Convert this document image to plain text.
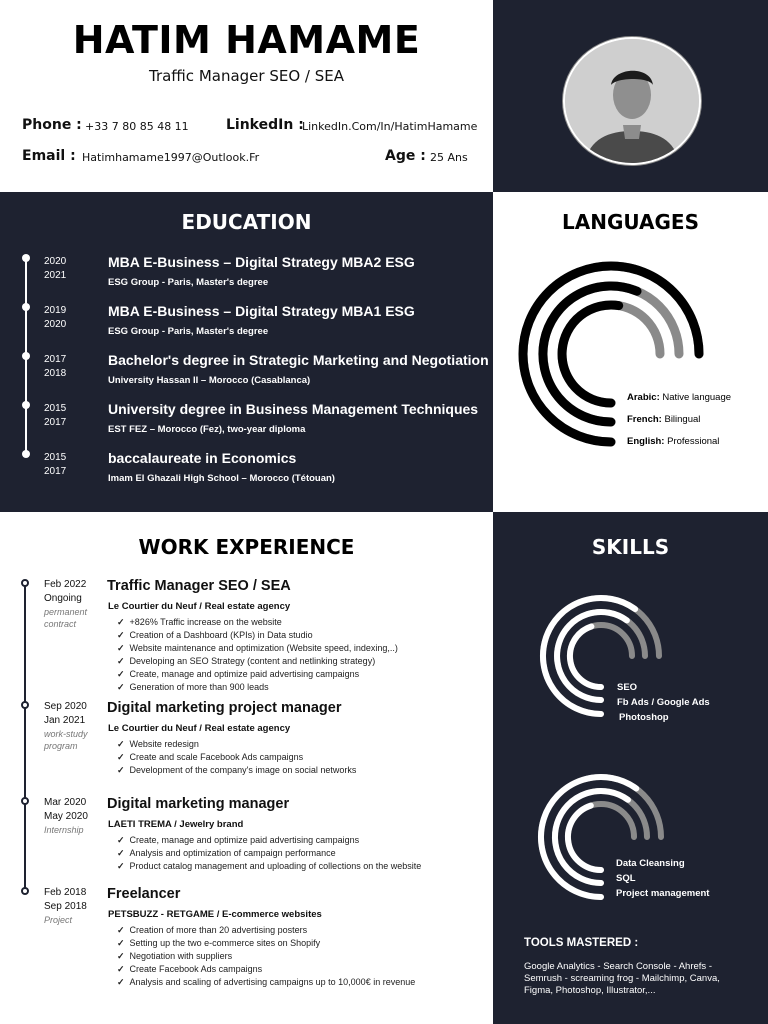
HATIM HAMAME
Traffic Manager SEO / SEA
Phone : +33 7 80 85 48 11	LinkedIn :
LinkedIn.Com/In/HatimHamame
Email : Hatimhamame1997@Outlook.Fr	Age : 25 Ans
EDUCATION
2020
2021
MBA E-Business – Digital Strategy MBA2 ESG
ESG Group - Paris, Master's degree
2019
2020
MBA E-Business – Digital Strategy MBA1 ESG
ESG Group - Paris, Master's degree
2017
2018
Bachelor's degree in Strategic Marketing and Negotiation
University Hassan II – Morocco (Casablanca)
2015
2017
University degree in Business Management Techniques
EST FEZ – Morocco (Fez), two-year diploma
2015
2017
baccalaureate in Economics
Imam El Ghazali High School – Morocco (Tétouan)
LANGUAGES
Arabic: Native language
French: Bilingual
English: Professional
WORK EXPERIENCE
Feb 2022
Ongoing
permanent contract
Traffic Manager SEO / SEA
Le Courtier du Neuf / Real estate agency
✓ +826% Traffic increase on the website
✓ Creation of a Dashboard (KPIs) in Data studio
✓ Website maintenance and optimization (Website speed, indexing,..)
✓ Developing an SEO Strategy (content and netlinking strategy)
✓ Create, manage and optimize paid advertising campaigns
✓ Generation of more than 900 leads
Sep 2020
Jan 2021
work-study program
Digital marketing project manager
Le Courtier du Neuf / Real estate agency
✓ Website redesign
✓ Create and scale Facebook Ads campaigns
✓ Development of the company's image on social networks
Mar 2020
May 2020
Internship
Digital marketing manager
LAETI TREMA / Jewelry brand
✓ Create, manage and optimize paid advertising campaigns
✓ Analysis and optimization of campaign performance
✓ Product catalog management and uploading of collections on the website
Feb 2018
Sep 2018
Project
Freelancer
PETSBUZZ - RETGAME / E-commerce websites
✓ Creation of more than 20 advertising posters
✓ Setting up the two e-commerce sites on Shopify
✓ Negotiation with suppliers
✓ Create Facebook Ads campaigns
✓ Analysis and scaling of advertising campaigns up to 10,000€ in revenue
SKILLS
SEO
Fb Ads / Google Ads
Photoshop
Data Cleansing
SQL
Project management
TOOLS MASTERED :
Google Analytics - Search Console - Ahrefs - Semrush - screaming frog - Mailchimp, Canva, Figma, Photoshop, Illustrator,...
